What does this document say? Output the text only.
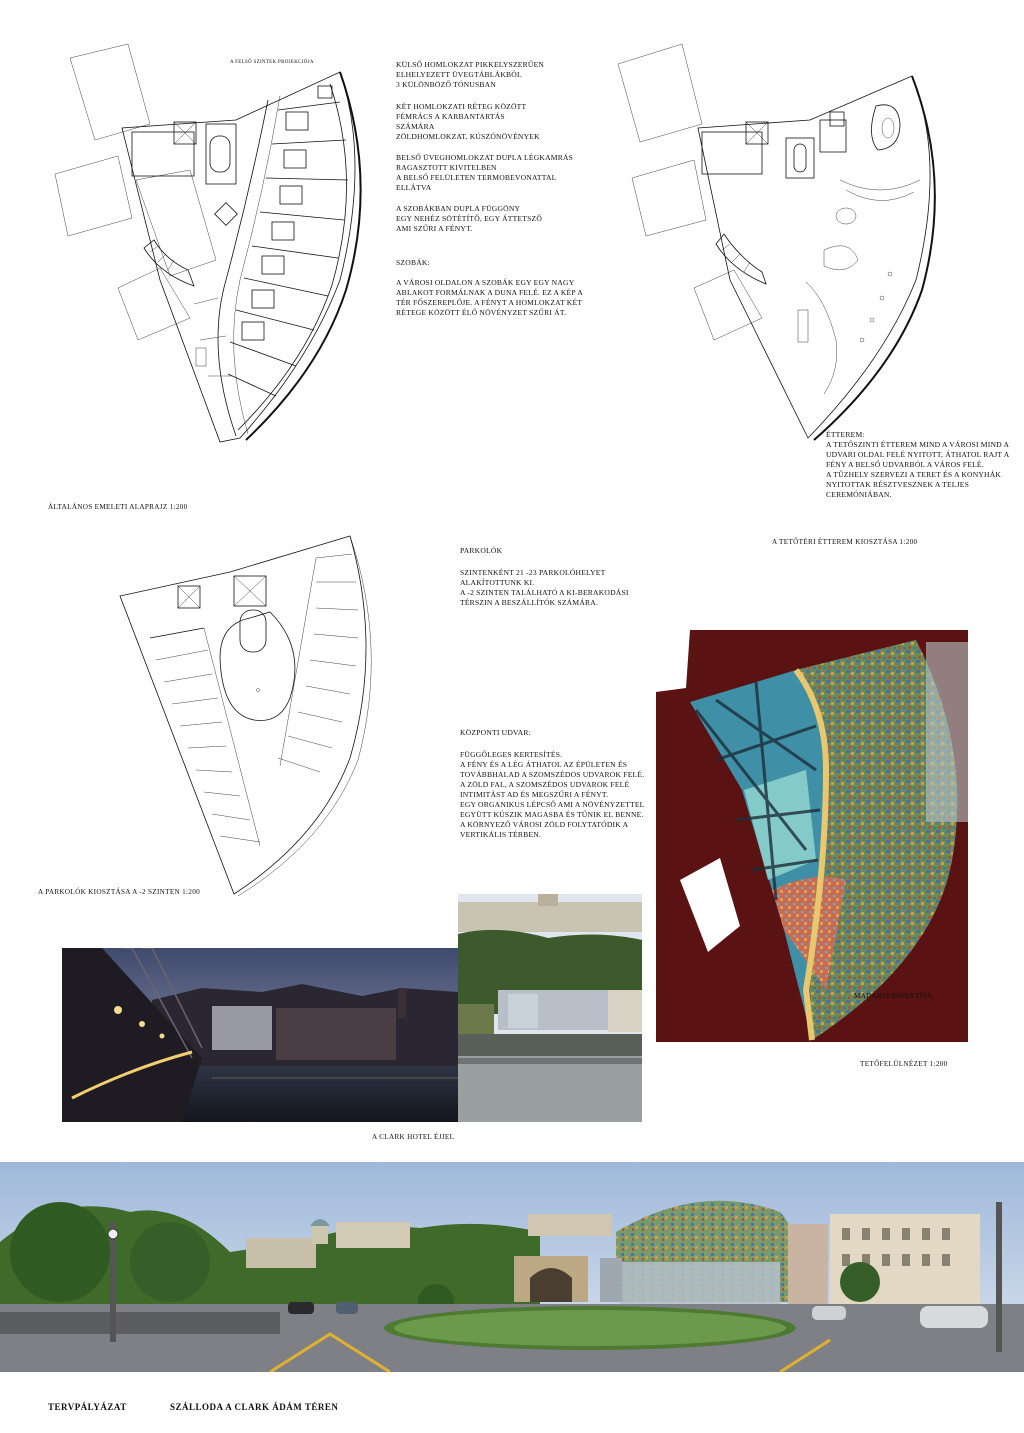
A FELSŐ SZINTEK PROJEKCIÓJA
ÁLTALÁNOS EMELETI ALAPRAJZ 1:200
KÜLSŐ HOMLOKZAT PIKKELYSZERŰEN
ELHELYEZETT ÜVEGTÁBLÁKBÓL
3 KÜLÖNBÖZŐ TÓNUSBAN
KÉT HOMLOKZATI RÉTEG KÖZÖTT
FÉMRÁCS A KARBANTARTÁS
SZÁMÁRA
ZÖLDHOMLOKZAT, KÚSZÓNÖVÉNYEK
BELSŐ ÜVEGHOMLOKZAT DUPLA LÉGKAMRÁS
RAGASZTOTT KIVITELBEN
A BELSŐ FELÜLETEN TERMOBEVONATTAL
ELLÁTVA
A SZOBÁKBAN DUPLA FÜGGÖNY
EGY NEHÉZ SÖTÉTÍTŐ, EGY ÁTTETSZŐ
AMI SZŰRI A FÉNYT.
SZOBÁK:
A VÁROSI OLDALON A SZOBÁK EGY EGY NAGY
ABLAKOT FORMÁLNAK A DUNA FELÉ. EZ A KÉP A
TÉR FŐSZEREPLŐJE. A FÉNYT A HOMLOKZAT KÉT
RÉTEGE KÖZÖTT ÉLŐ NÖVÉNYZET SZŰRI ÁT.
ÉTTEREM:
A TETŐSZINTI ÉTTEREM MIND A VÁROSI MIND A
UDVARI OLDAL FELÉ NYITOTT, ÁTHATOL RAJT A
FÉNY A BELSŐ UDVARBÓL A VÁROS FELÉ.
A TŰZHELY SZERVEZI A TERET ÉS A KONYHÁK
NYITOTTAK RÉSZTVESZNEK A TELJES
CEREMÓNIÁBAN.
A TETŐTÉRI ÉTTEREM KIOSZTÁSA 1:200
PARKOLÓK
SZINTENKÉNT 21 -23 PARKOLÓHELYET
ALAKÍTOTTUNK KI.
A -2 SZINTEN TALÁLHATÓ A KI-BERAKODÁSI
TÉRSZIN A BESZÁLLÍTÓK SZÁMÁRA.
A PARKOLÓK KIOSZTÁSA A -2 SZINTEN 1:200
KÖZPONTI UDVAR:
FÜGGŐLEGES KERTESÍTÉS.
A FÉNY ÉS A LÉG ÁTHATOL AZ ÉPÜLETEN ÉS
TOVÁBBHALAD A SZOMSZÉDOS UDVAROK FELÉ.
A ZÖLD FAL, A SZOMSZÉDOS UDVAROK FELÉ
INTIMITÁST AD ÉS MEGSZŰRI A FÉNYT.
EGY ORGANIKUS LÉPCSŐ AMI A NÖVÉNYZETTEL
EGYÜTT KÚSZIK MAGASBA ÉS TŰNIK EL BENNE.
A KÖRNYEZŐ VÁROSI ZÖLD FOLYTATÓDIK A
VERTIKÁLIS TÉRBEN.
MADÁRPERSPEKTÍVA
TETŐFELÜLNÉZET 1:200
A CLARK HOTEL ÉJJEL
TERVPÁLYÁZAT	SZÁLLODA A CLARK ÁDÁM TÉREN
